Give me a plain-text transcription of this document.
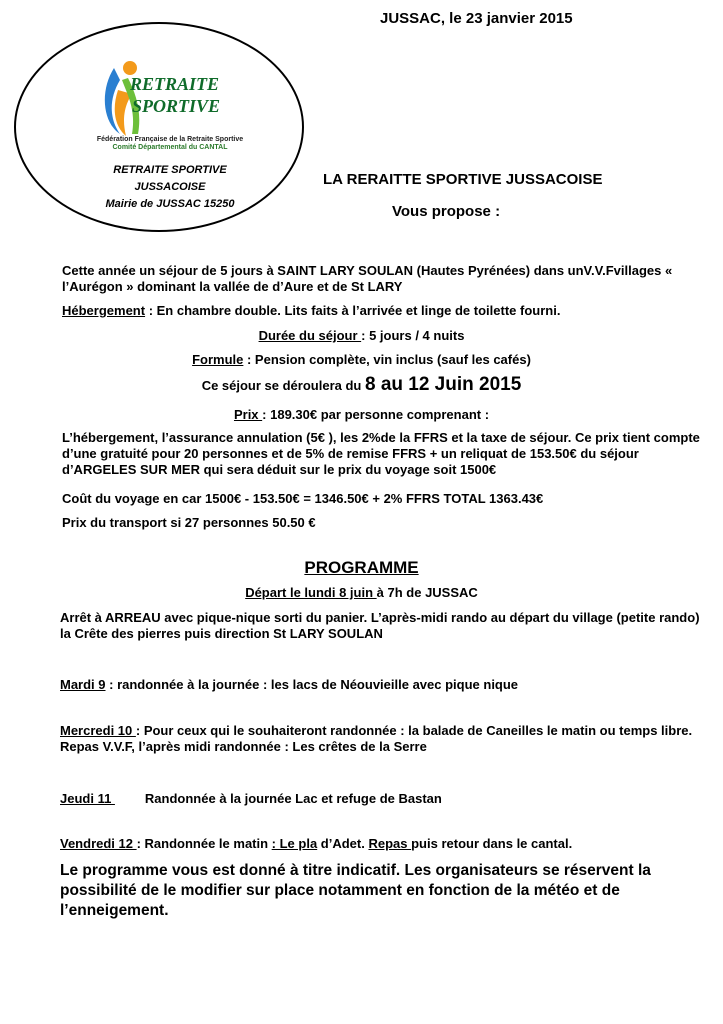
RETRAITE
SPORTIVE
Fédération Française de la Retraite Sportive
Comité Départemental du CANTAL
RETRAITE SPORTIVE
JUSSACOISE
Mairie de JUSSAC 15250
JUSSAC, le 23 janvier 2015
LA RERAITTE SPORTIVE JUSSACOISE
Vous propose :
Cette année un séjour de 5 jours à SAINT LARY SOULAN (Hautes Pyrénées) dans unV.V.Fvillages « l’Aurégon » dominant la vallée de d’Aure et de St LARY
Hébergement : En chambre double. Lits faits à l’arrivée et linge de toilette fourni.
Durée du séjour : 5 jours / 4 nuits
Formule : Pension complète, vin inclus (sauf les cafés)
Ce séjour se déroulera du 8 au 12 Juin 2015
Prix : 189.30€ par personne comprenant :
L’hébergement, l’assurance annulation (5€ ), les 2%de la FFRS et la taxe de séjour. Ce prix tient compte d’une gratuité pour 20 personnes et de 5% de remise FFRS + un reliquat de 153.50€ du séjour d’ARGELES SUR MER qui sera déduit sur le prix du voyage soit 1500€
Coût du voyage en car 1500€ - 153.50€ = 1346.50€ + 2% FFRS TOTAL 1363.43€
Prix du transport si 27 personnes 50.50 €
PROGRAMME
Départ le lundi 8 juin à 7h de JUSSAC
Arrêt à ARREAU avec pique-nique sorti du panier. L’après-midi rando au départ du village (petite rando) la Crête des pierres puis direction St LARY SOULAN
Mardi 9 : randonnée à la journée : les lacs de Néouvieille avec pique nique
Mercredi 10 : Pour ceux qui le souhaiteront randonnée : la balade de Caneilles le matin ou temps libre. Repas V.V.F, l’après midi randonnée : Les crêtes de la Serre
Jeudi 11 Randonnée à la journée Lac et refuge de Bastan
Vendredi 12 : Randonnée le matin : Le pla d’Adet. Repas puis retour dans le cantal.
Le programme vous est donné à titre indicatif. Les organisateurs se réservent la possibilité de le modifier sur place notamment en fonction de la météo et de l’enneigement.
